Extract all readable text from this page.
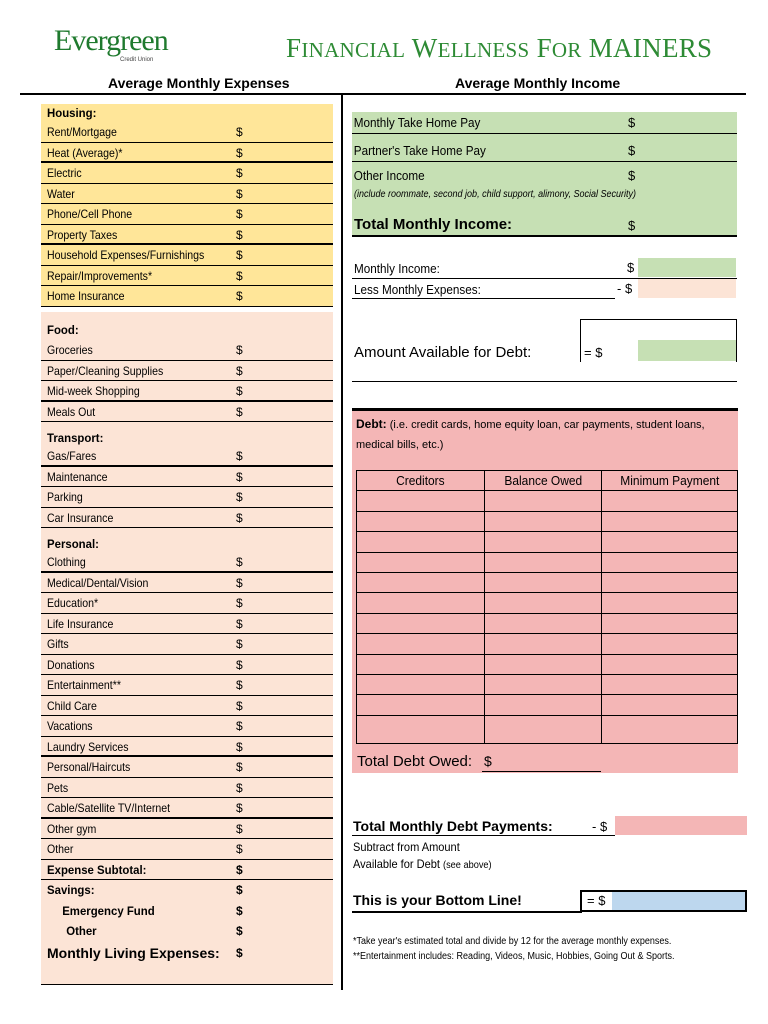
Evergreen
Credit Union	FINANCIAL WELLNESS FOR MAINERS
Average Monthly Expenses	Average Monthly Income
Housing:
Rent/Mortgage	$
Heat (Average)*	$
Electric	$
Water	$
Phone/Cell Phone	$
Property Taxes	$
Household Expenses/Furnishings	$
Repair/Improvements*	$
Home Insurance	$
Food:
Groceries	$
Paper/Cleaning Supplies	$
Mid-week Shopping	$
Meals Out	$
Transport:
Gas/Fares	$
Maintenance	$
Parking	$
Car Insurance	$
Personal:
Clothing	$
Medical/Dental/Vision	$
Education*	$
Life Insurance	$
Gifts	$
Donations	$
Entertainment**	$
Child Care	$
Vacations	$
Laundry Services	$
Personal/Haircuts	$
Pets	$
Cable/Satellite TV/Internet	$
Other gym	$
Other	$
Expense Subtotal:	$
Savings:	$
Emergency Fund	$
Other	$
Monthly Living Expenses: $
Monthly Take Home Pay	$
Partner's Take Home Pay	$
Other Income	$
(include roommate, second job, child support, alimony, Social Security)
Total Monthly Income:	$
Monthly Income:	$
Less Monthly Expenses:	- $
Amount Available for Debt:	= $
Debt: (i.e. credit cards, home equity loan, car payments, student loans, medical bills, etc.)
Creditors	Balance Owed	Minimum Payment

Total Debt Owed: $
Total Monthly Debt Payments:	- $
Subtract from Amount
Available for Debt (see above)
This is your Bottom Line!	= $
*Take year's estimated total and divide by 12 for the average monthly expenses.
**Entertainment includes: Reading, Videos, Music, Hobbies, Going Out & Sports.
